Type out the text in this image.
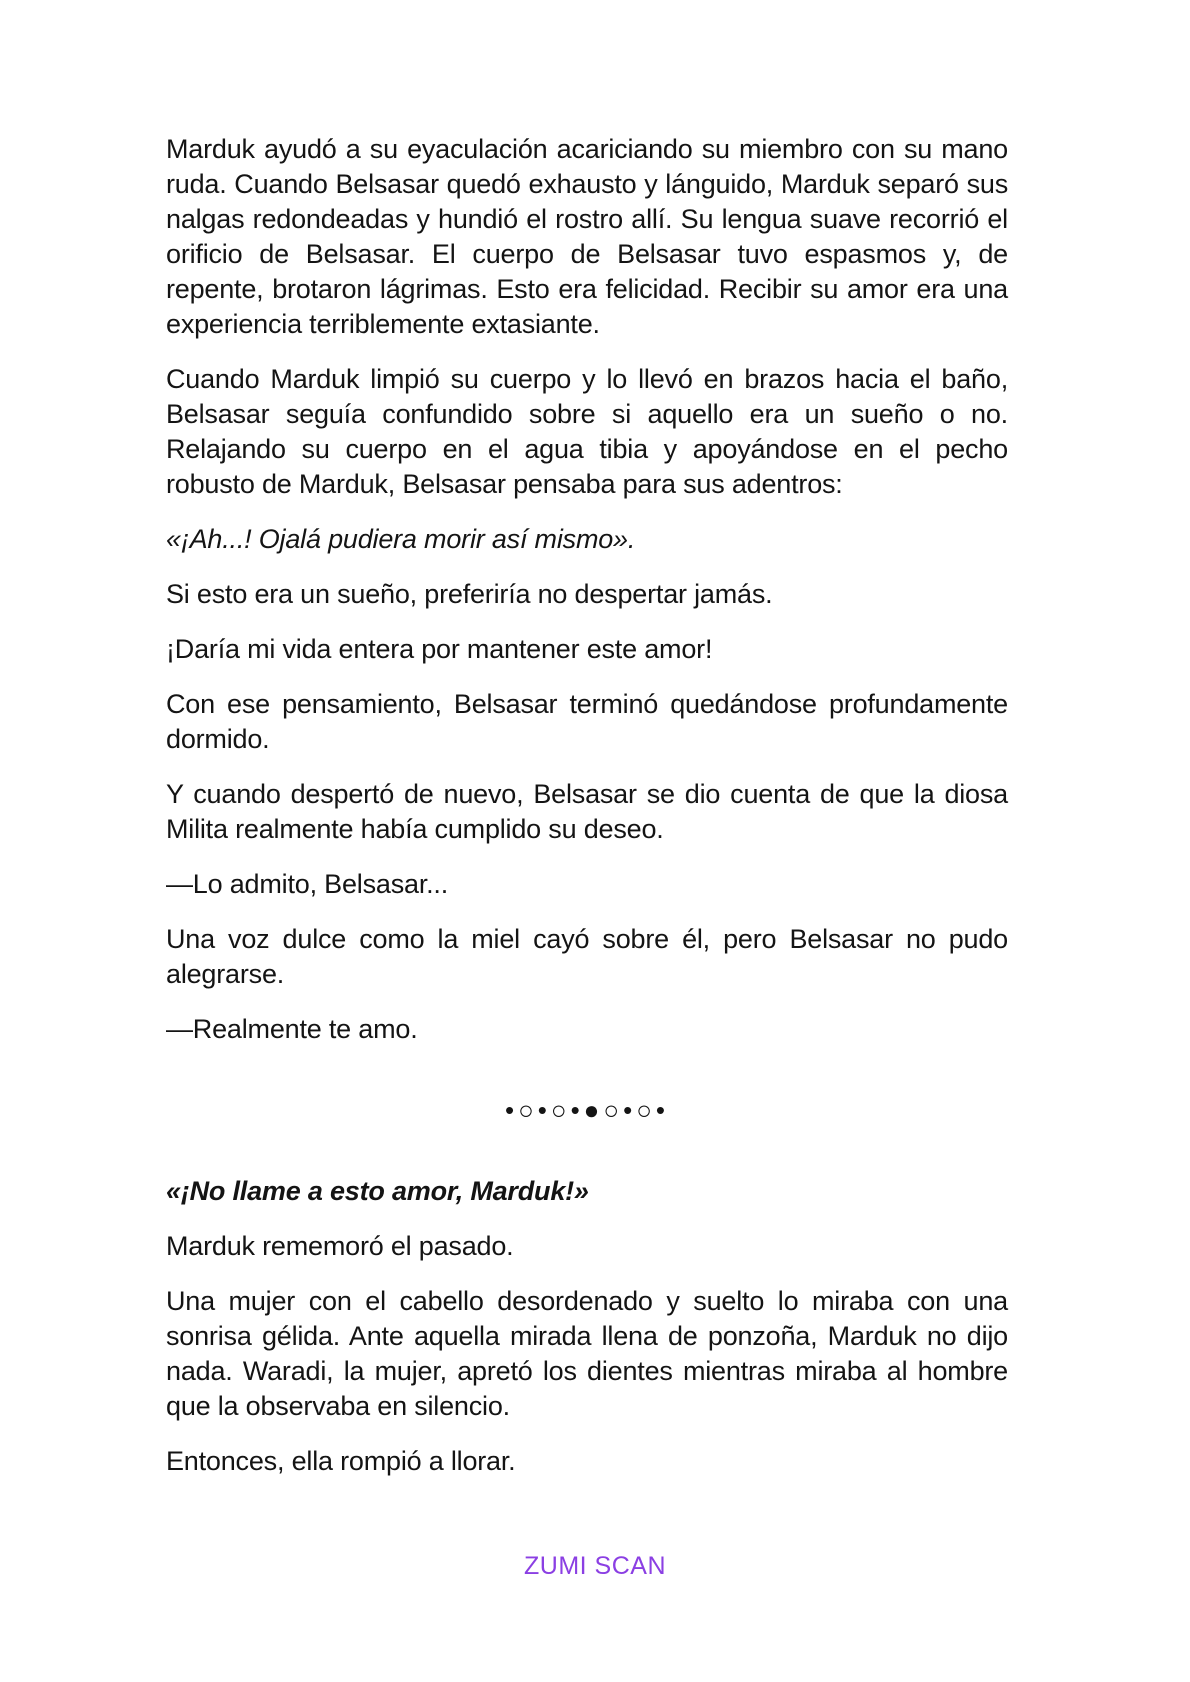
Marduk ayudó a su eyaculación acariciando su miembro con su mano ruda. Cuando Belsasar quedó exhausto y lánguido, Marduk separó sus nalgas redondeadas y hundió el rostro allí. Su lengua suave recorrió el orificio de Belsasar. El cuerpo de Belsasar tuvo espasmos y, de repente, brotaron lágrimas. Esto era felicidad. Recibir su amor era una experiencia terriblemente extasiante.

Cuando Marduk limpió su cuerpo y lo llevó en brazos hacia el baño, Belsasar seguía confundido sobre si aquello era un sueño o no. Relajando su cuerpo en el agua tibia y apoyándose en el pecho robusto de Marduk, Belsasar pensaba para sus adentros:

«¡Ah...! Ojalá pudiera morir así mismo».

Si esto era un sueño, preferiría no despertar jamás.

¡Daría mi vida entera por mantener este amor!

Con ese pensamiento, Belsasar terminó quedándose profundamente dormido.

Y cuando despertó de nuevo, Belsasar se dio cuenta de que la diosa Milita realmente había cumplido su deseo.

—Lo admito, Belsasar...

Una voz dulce como la miel cayó sobre él, pero Belsasar no pudo alegrarse.

—Realmente te amo.

•○•○•●○•○•

«¡No llame a esto amor, Marduk!»

Marduk rememoró el pasado.

Una mujer con el cabello desordenado y suelto lo miraba con una sonrisa gélida. Ante aquella mirada llena de ponzoña, Marduk no dijo nada. Waradi, la mujer, apretó los dientes mientras miraba al hombre que la observaba en silencio.

Entonces, ella rompió a llorar.

ZUMI SCAN
